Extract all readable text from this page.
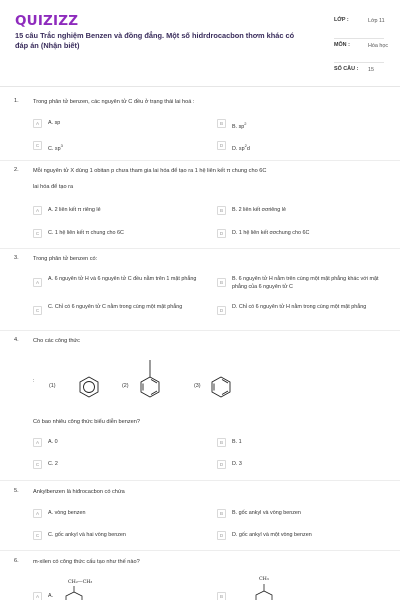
QUIZIZZ
15 câu Trắc nghiệm Benzen và đồng đẳng. Một số hidrdrocacbon thơm khác có đáp án (Nhận biết)
LỚP :	Lớp 11
MÔN :	Hóa học
SỐ CÂU : 15
1.	Trong phân tử benzen, các nguyên tử C đều ở trạng thái lai hoá :
A	A. sp	B
B. $sp^2$
C
C. $sp^3$	D
D. $sp^2d$
2.	Mỗi nguyên tử X dùng 1 obitan p chưa tham gia lai hóa để tạo ra 1 hệ liên kết π chung cho 6C
lai hóa để tạo ra
A	A. 2 liên kết π riêng lẻ	B	B. 2 liên kết σσriêng lẻ
C	C. 1 hệ liên kết π chung cho 6C	D	D. 1 hệ liên kết σσchung cho 6C
3.	Trong phân tử benzen có:
A
A. 6 nguyên tử H và 6 nguyên tử C đều nằm trên 1 mặt phẳng
B
B. 6 nguyên tử H nằm trên cùng một mặt phẳng khác với mặt phẳng của 6 nguyên tử C
C
C. Chỉ có 6 nguyên tử C nằm trong cùng một mặt phẳng
D
D. Chỉ có 6 nguyên tử H nằm trong cùng một mặt phẳng
4.	Cho các công thức
:
(1)	(2)	(3)
Có bao nhiêu công thức biểu diễn benzen?
A	A. 0	B	B. 1
C	C. 2	D	D. 3
5.	Ankylbenzen là hiđrocacbon có chứa
A	A. vòng benzen	B	B. gốc ankyl và vòng benzen
C	C. gốc ankyl và hai vòng benzen	D	D. gốc ankyl và một vòng benzen
6.	m-xilen có công thức cấu tạo như thế nào?
A	A.
CH₂—CH₃
B
CH₃
